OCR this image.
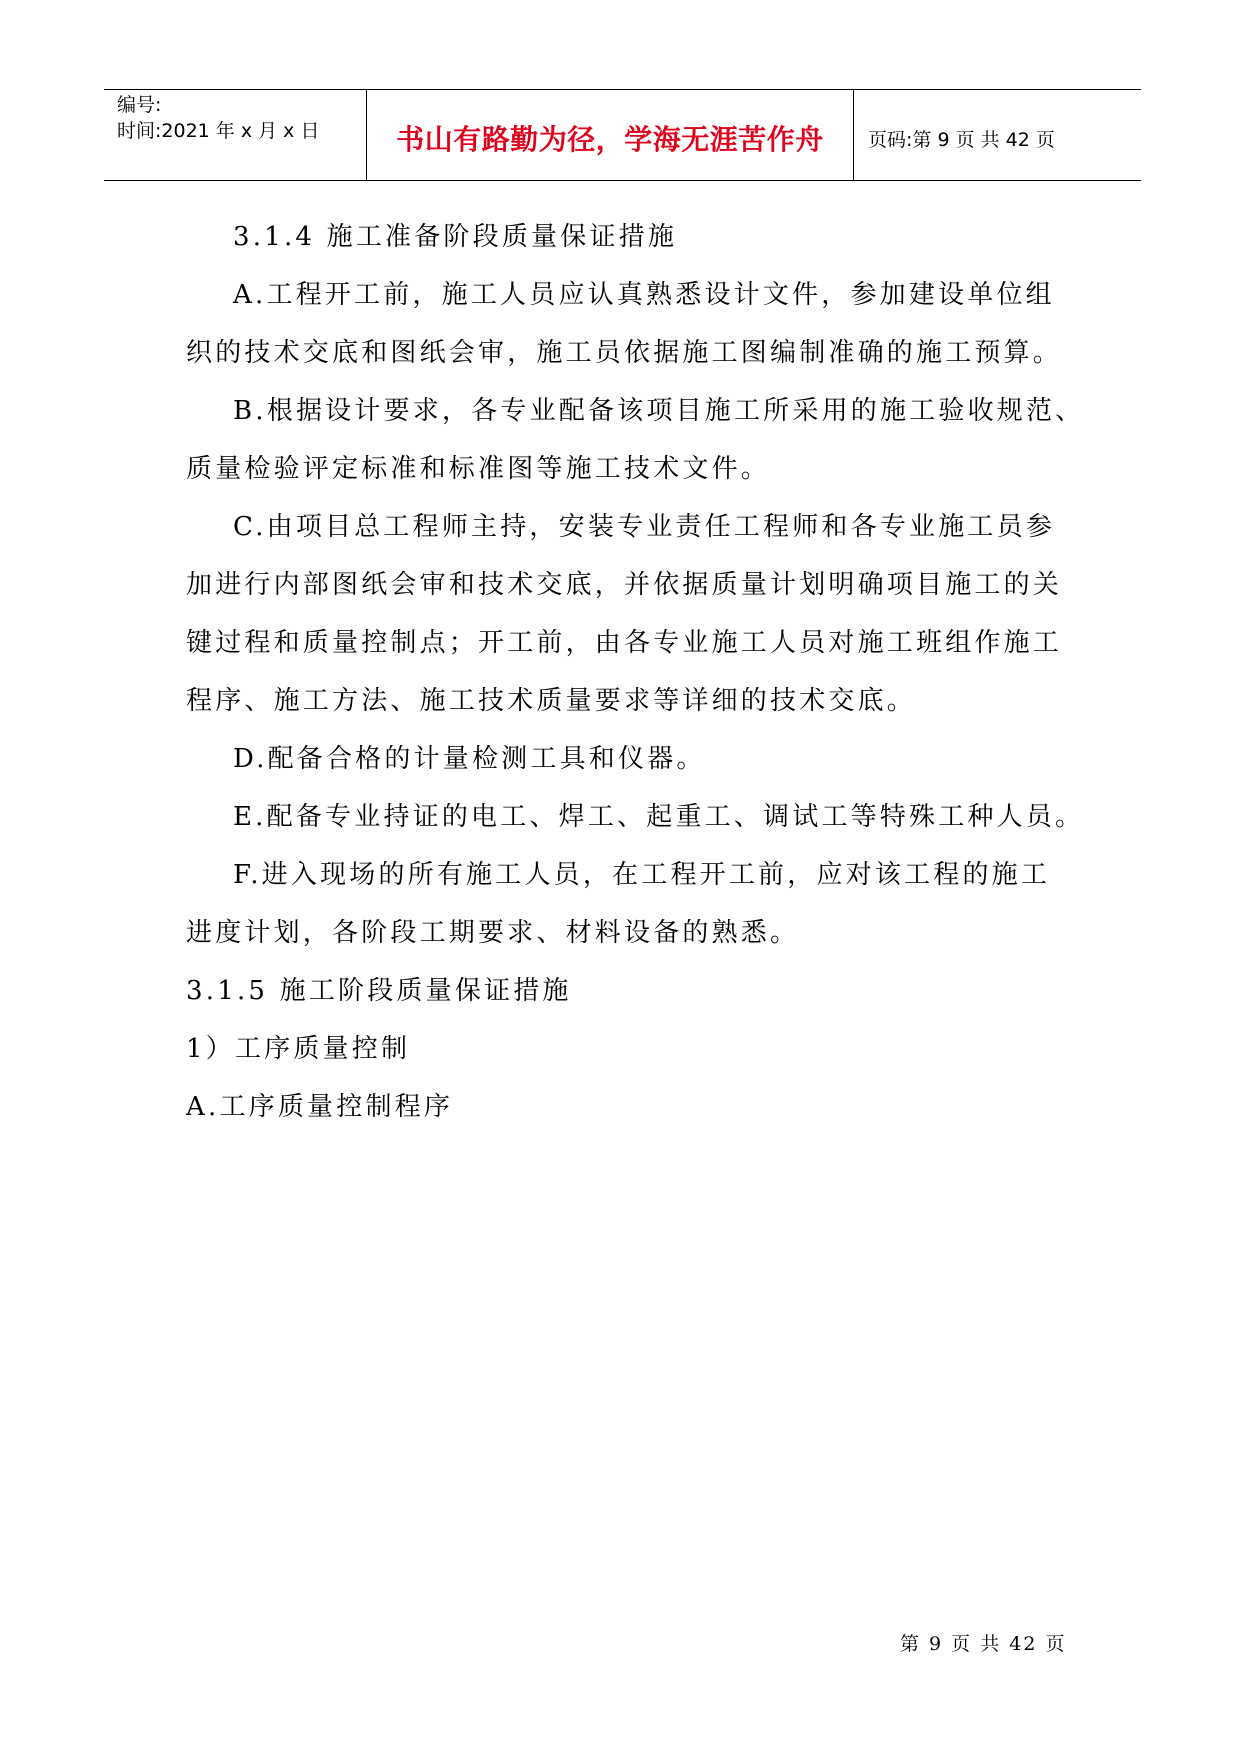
编号:
时间:2021 年 x 月 x 日	书山有路勤为径，学海无涯苦作舟 页码:第 9 页 共 42 页

3.1.4 施工准备阶段质量保证措施

A.工程开工前，施工人员应认真熟悉设计文件，参加建设单位组

织的技术交底和图纸会审，施工员依据施工图编制准确的施工预算。

B.根据设计要求，各专业配备该项目施工所采用的施工验收规范、

质量检验评定标准和标准图等施工技术文件。

C.由项目总工程师主持，安装专业责任工程师和各专业施工员参

加进行内部图纸会审和技术交底，并依据质量计划明确项目施工的关

键过程和质量控制点；开工前，由各专业施工人员对施工班组作施工

程序、施工方法、施工技术质量要求等详细的技术交底。

D.配备合格的计量检测工具和仪器。

E.配备专业持证的电工、焊工、起重工、调试工等特殊工种人员。

F.进入现场的所有施工人员，在工程开工前，应对该工程的施工

进度计划，各阶段工期要求、材料设备的熟悉。

3.1.5 施工阶段质量保证措施

1）工序质量控制

A.工序质量控制程序

第 9 页 共 42 页
